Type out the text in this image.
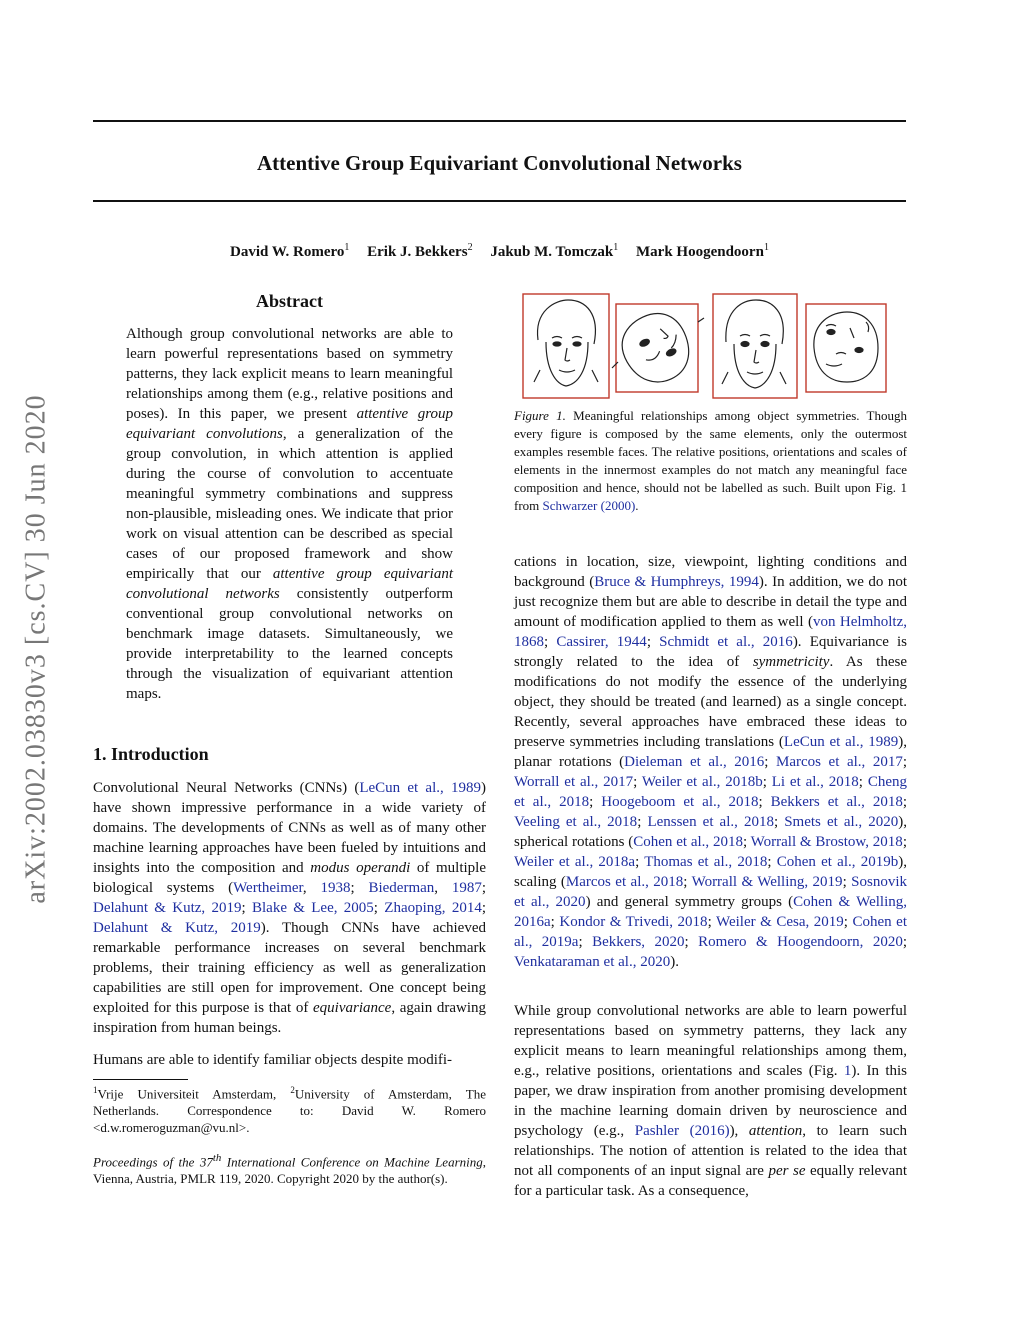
arXiv:2002.03830v3 [cs.CV] 30 Jun 2020
Attentive Group Equivariant Convolutional Networks
David W. Romero$^1$ Erik J. Bekkers$^2$ Jakub M. Tomczak$^1$ Mark Hoogendoorn$^1$
Abstract
Although group convolutional networks are able to learn powerful representations based on symmetry patterns, they lack explicit means to learn meaningful relationships among them (e.g., relative positions and poses). In this paper, we present attentive group equivariant convolutions, a generalization of the group convolution, in which attention is applied during the course of convolution to accentuate meaningful symmetry combinations and suppress non-plausible, misleading ones. We indicate that prior work on visual attention can be described as special cases of our proposed framework and show empirically that our attentive group equivariant convolutional networks consistently outperform conventional group convolutional networks on benchmark image datasets. Simultaneously, we provide interpretability to the learned concepts through the visualization of equivariant attention maps.
1. Introduction
Convolutional Neural Networks (CNNs) (LeCun et al., 1989) have shown impressive performance in a wide variety of domains. The developments of CNNs as well as of many other machine learning approaches have been fueled by intuitions and insights into the composition and modus operandi of multiple biological systems (Wertheimer, 1938; Biederman, 1987; Delahunt & Kutz, 2019; Blake & Lee, 2005; Zhaoping, 2014; Delahunt & Kutz, 2019). Though CNNs have achieved remarkable performance increases on several benchmark problems, their training efficiency as well as generalization capabilities are still open for improvement. One concept being exploited for this purpose is that of equivariance, again drawing inspiration from human beings.
Humans are able to identify familiar objects despite modifi-
$^1$Vrije Universiteit Amsterdam, $^2$University of Amsterdam, The Netherlands. Correspondence to: David W. Romero <d.w.romeroguzman@vu.nl>.
Proceedings of the 37th International Conference on Machine Learning, Vienna, Austria, PMLR 119, 2020. Copyright 2020 by the author(s).
Figure 1. Meaningful relationships among object symmetries. Though every figure is composed by the same elements, only the outermost examples resemble faces. The relative positions, orientations and scales of elements in the innermost examples do not match any meaningful face composition and hence, should not be labelled as such. Built upon Fig. 1 from Schwarzer (2000).
cations in location, size, viewpoint, lighting conditions and background (Bruce & Humphreys, 1994). In addition, we do not just recognize them but are able to describe in detail the type and amount of modification applied to them as well (von Helmholtz, 1868; Cassirer, 1944; Schmidt et al., 2016). Equivariance is strongly related to the idea of symmetricity. As these modifications do not modify the essence of the underlying object, they should be treated (and learned) as a single concept. Recently, several approaches have embraced these ideas to preserve symmetries including translations (LeCun et al., 1989), planar rotations (Dieleman et al., 2016; Marcos et al., 2017; Worrall et al., 2017; Weiler et al., 2018b; Li et al., 2018; Cheng et al., 2018; Hoogeboom et al., 2018; Bekkers et al., 2018; Veeling et al., 2018; Lenssen et al., 2018; Smets et al., 2020), spherical rotations (Cohen et al., 2018; Worrall & Brostow, 2018; Weiler et al., 2018a; Thomas et al., 2018; Cohen et al., 2019b), scaling (Marcos et al., 2018; Worrall & Welling, 2019; Sosnovik et al., 2020) and general symmetry groups (Cohen & Welling, 2016a; Kondor & Trivedi, 2018; Weiler & Cesa, 2019; Cohen et al., 2019a; Bekkers, 2020; Romero & Hoogendoorn, 2020; Venkataraman et al., 2020).
While group convolutional networks are able to learn powerful representations based on symmetry patterns, they lack any explicit means to learn meaningful relationships among them, e.g., relative positions, orientations and scales (Fig. 1). In this paper, we draw inspiration from another promising development in the machine learning domain driven by neuroscience and psychology (e.g., Pashler (2016)), attention, to learn such relationships. The notion of attention is related to the idea that not all components of an input signal are per se equally relevant for a particular task. As a consequence,
